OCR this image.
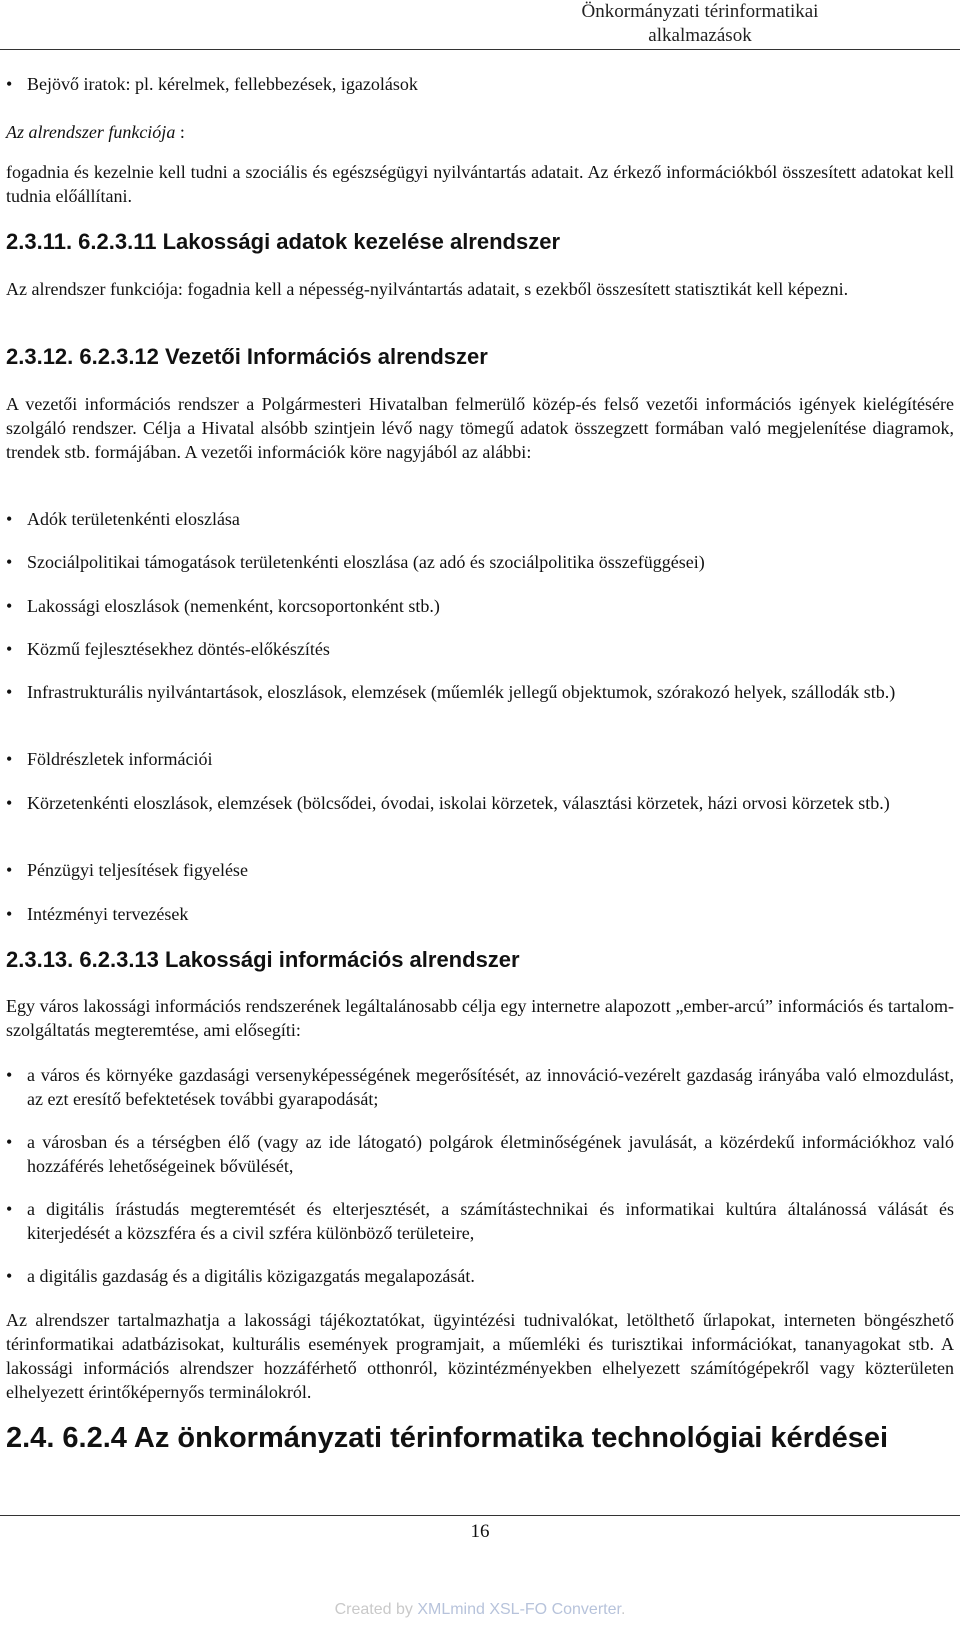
Önkormányzati térinformatikai
alkalmazások
• Bejövő iratok: pl. kérelmek, fellebbezések, igazolások
Az alrendszer funkciója :
fogadnia és kezelnie kell tudni a szociális és egészségügyi nyilvántartás adatait. Az érkező információkból összesített adatokat kell tudnia előállítani.
2.3.11. 6.2.3.11 Lakossági adatok kezelése alrendszer
Az alrendszer funkciója: fogadnia kell a népesség-nyilvántartás adatait, s ezekből összesített statisztikát kell képezni.
2.3.12. 6.2.3.12 Vezetői Információs alrendszer
A vezetői információs rendszer a Polgármesteri Hivatalban felmerülő közép-és felső vezetői információs igények kielégítésére szolgáló rendszer. Célja a Hivatal alsóbb szintjein lévő nagy tömegű adatok összegzett formában való megjelenítése diagramok, trendek stb. formájában. A vezetői információk köre nagyjából az alábbi:
• Adók területenkénti eloszlása
• Szociálpolitikai támogatások területenkénti eloszlása (az adó és szociálpolitika összefüggései)
• Lakossági eloszlások (nemenként, korcsoportonként stb.)
• Közmű fejlesztésekhez döntés-előkészítés
• Infrastrukturális nyilvántartások, eloszlások, elemzések (műemlék jellegű objektumok, szórakozó helyek, szállodák stb.)
• Földrészletek információi
• Körzetenkénti eloszlások, elemzések (bölcsődei, óvodai, iskolai körzetek, választási körzetek, házi orvosi körzetek stb.)
• Pénzügyi teljesítések figyelése
• Intézményi tervezések
2.3.13. 6.2.3.13 Lakossági információs alrendszer
Egy város lakossági információs rendszerének legáltalánosabb célja egy internetre alapozott „ember-arcú” információs és tartalom-szolgáltatás megteremtése, ami elősegíti:
• a város és környéke gazdasági versenyképességének megerősítését, az innováció-vezérelt gazdaság irányába való elmozdulást, az ezt eresítő befektetések további gyarapodását;
• a városban és a térségben élő (vagy az ide látogató) polgárok életminőségének javulását, a közérdekű információkhoz való hozzáférés lehetőségeinek bővülését,
• a digitális írástudás megteremtését és elterjesztését, a számítástechnikai és informatikai kultúra általánossá válását és kiterjedését a közszféra és a civil szféra különböző területeire,
• a digitális gazdaság és a digitális közigazgatás megalapozását.
Az alrendszer tartalmazhatja a lakossági tájékoztatókat, ügyintézési tudnivalókat, letölthető űrlapokat, interneten böngészhető térinformatikai adatbázisokat, kulturális események programjait, a műemléki és turisztikai információkat, tananyagokat stb. A lakossági információs alrendszer hozzáférhető otthonról, közintézményekben elhelyezett számítógépekről vagy közterületen elhelyezett érintőképernyős terminálokról.
2.4. 6.2.4 Az önkormányzati térinformatika technológiai kérdései
16
Created by XMLmind XSL-FO Converter.
